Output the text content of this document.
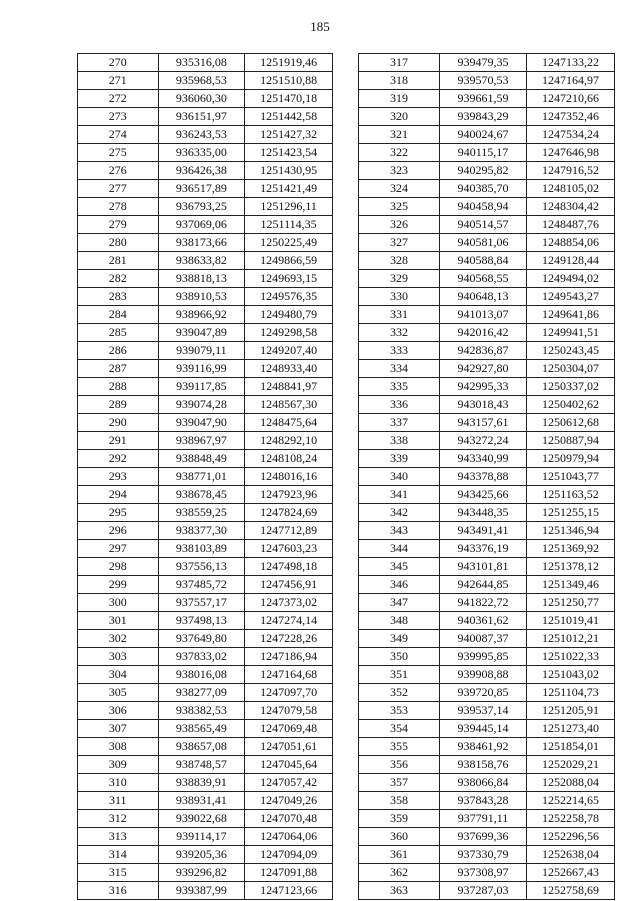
185
270	935316,08	1251919,46
271	935968,53	1251510,88
272	936060,30	1251470,18
273	936151,97	1251442,58
274	936243,53	1251427,32
275	936335,00	1251423,54
276	936426,38	1251430,95
277	936517,89	1251421,49
278	936793,25	1251296,11
279	937069,06	1251114,35
280	938173,66	1250225,49
281	938633,82	1249866,59
282	938818,13	1249693,15
283	938910,53	1249576,35
284	938966,92	1249480,79
285	939047,89	1249298,58
286	939079,11	1249207,40
287	939116,99	1248933,40
288	939117,85	1248841,97
289	939074,28	1248567,30
290	939047,90	1248475,64
291	938967,97	1248292,10
292	938848,49	1248108,24
293	938771,01	1248016,16
294	938678,45	1247923,96
295	938559,25	1247824,69
296	938377,30	1247712,89
297	938103,89	1247603,23
298	937556,13	1247498,18
299	937485,72	1247456,91
300	937557,17	1247373,02
301	937498,13	1247274,14
302	937649,80	1247228,26
303	937833,02	1247186,94
304	938016,08	1247164,68
305	938277,09	1247097,70
306	938382,53	1247079,58
307	938565,49	1247069,48
308	938657,08	1247051,61
309	938748,57	1247045,64
310	938839,91	1247057,42
311	938931,41	1247049,26
312	939022,68	1247070,48
313	939114,17	1247064,06
314	939205,36	1247094,09
315	939296,82	1247091,88
316	939387,99	1247123,66
317	939479,35	1247133,22
318	939570,53	1247164,97
319	939661,59	1247210,66
320	939843,29	1247352,46
321	940024,67	1247534,24
322	940115,17	1247646,98
323	940295,82	1247916,52
324	940385,70	1248105,02
325	940458,94	1248304,42
326	940514,57	1248487,76
327	940581,06	1248854,06
328	940588,84	1249128,44
329	940568,55	1249494,02
330	940648,13	1249543,27
331	941013,07	1249641,86
332	942016,42	1249941,51
333	942836,87	1250243,45
334	942927,80	1250304,07
335	942995,33	1250337,02
336	943018,43	1250402,62
337	943157,61	1250612,68
338	943272,24	1250887,94
339	943340,99	1250979,94
340	943378,88	1251043,77
341	943425,66	1251163,52
342	943448,35	1251255,15
343	943491,41	1251346,94
344	943376,19	1251369,92
345	943101,81	1251378,12
346	942644,85	1251349,46
347	941822,72	1251250,77
348	940361,62	1251019,41
349	940087,37	1251012,21
350	939995,85	1251022,33
351	939908,88	1251043,02
352	939720,85	1251104,73
353	939537,14	1251205,91
354	939445,14	1251273,40
355	938461,92	1251854,01
356	938158,76	1252029,21
357	938066,84	1252088,04
358	937843,28	1252214,65
359	937791,11	1252258,78
360	937699,36	1252296,56
361	937330,79	1252638,04
362	937308,97	1252667,43
363	937287,03	1252758,69
